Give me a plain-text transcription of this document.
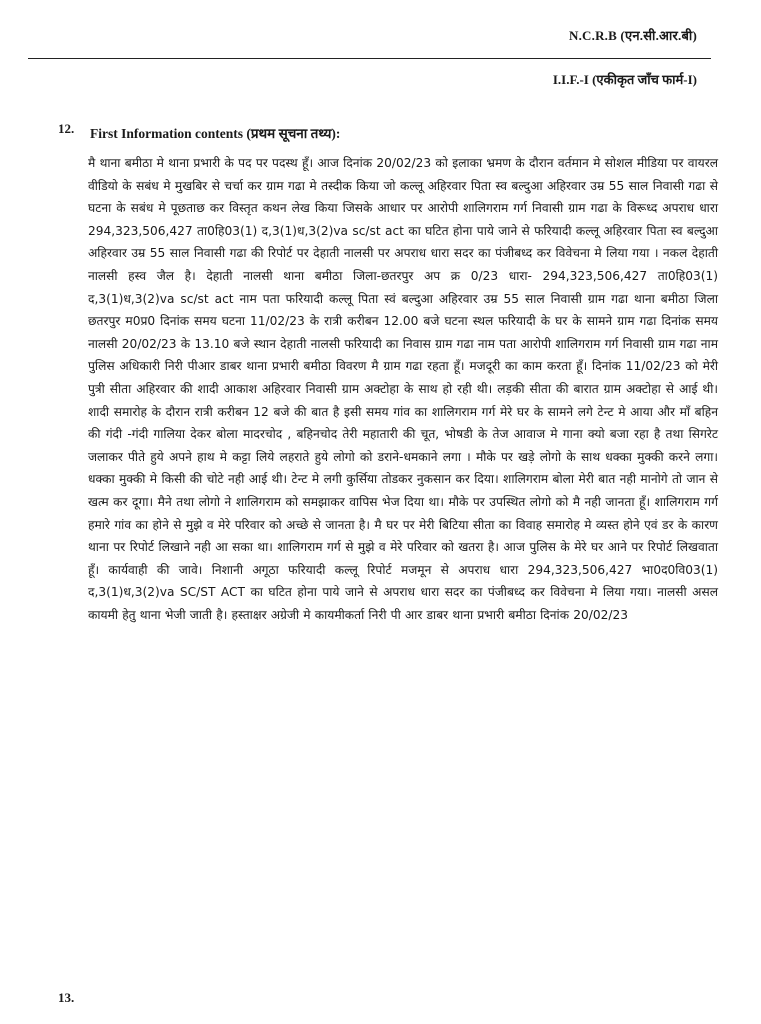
N.C.R.B (एन.सी.आर.बी)
I.I.F.-I (एकीकृत जाँच फार्म-I)
12. First Information contents (प्रथम सूचना तथ्य):
मै थाना बमीठा मे थाना प्रभारी के पद पर पदस्थ हूँ। आज दिनांक 20/02/23 को इलाका भ्रमण के दौरान वर्तमान मे सोशल मीडिया पर वायरल वीडियो के सबंध मे मुखबिर से चर्चा कर ग्राम गढा मे तस्दीक किया जो कल्लू अहिरवार पिता स्व बल्दुआ अहिरवार उम्र 55 साल निवासी गढा से घटना के सबंध मे पूछताछ कर विस्तृत कथन लेख किया जिसके आधार पर आरोपी शालिगराम गर्ग निवासी ग्राम गढा के विरूध्द अपराध धारा 294,323,506,427 ता0हि03(1) द,3(1)ध,3(2)va sc/st act का घटित होना पाये जाने से फरियादी कल्लू अहिरवार पिता स्व बल्दुआ अहिरवार उम्र 55 साल निवासी गढा की रिपोर्ट पर देहाती नालसी पर अपराध धारा सदर का पंजीबध्द कर विवेचना मे लिया गया । नकल देहाती नालसी हस्व जैल है। देहाती नालसी थाना बमीठा जिला-छतरपुर अप क्र 0/23 धारा- 294,323,506,427 ता0हि03(1) द,3(1)ध,3(2)va sc/st act नाम पता फरियादी कल्लू पिता स्वं बल्दुआ अहिरवार उम्र 55 साल निवासी ग्राम गढा थाना बमीठा जिला छतरपुर म0प्र0 दिनांक समय घटना 11/02/23 के रात्री करीबन 12.00 बजे घटना स्थल फरियादी के घर के सामने ग्राम गढा दिनांक समय नालसी 20/02/23 के 13.10 बजे स्थान देहाती नालसी फरियादी का निवास ग्राम गढा नाम पता आरोपी शालिगराम गर्ग निवासी ग्राम गढा नाम पुलिस अधिकारी निरी पीआर डाबर थाना प्रभारी बमीठा विवरण मै ग्राम गढा रहता हूँ। मजदूरी का काम करता हूँ। दिनांक 11/02/23 को मेरी पुत्री सीता अहिरवार की शादी आकाश अहिरवार निवासी ग्राम अक्टोहा के साथ हो रही थी। लड़की सीता की बारात ग्राम अक्टोहा से आई थी। शादी समारोह के दौरान रात्री करीबन 12 बजे की बात है इसी समय गांव का शालिगराम गर्ग मेरे घर के सामने लगे टेन्ट मे आया और माँ बहिन की गंदी -गंदी गालिया देकर बोला मादरचोद , बहिनचोद तेरी महातारी की चूत, भोषडी के तेज आवाज मे गाना क्यो बजा रहा है तथा सिगरेट जलाकर पीते हुये अपने हाथ मे कट्टा लिये लहराते हुये लोगो को डराने-धमकाने लगा । मौके पर खड़े लोगो के साथ धक्का मुक्की करने लगा। धक्का मुक्की मे किसी की चोटे नही आई थी। टेन्ट मे लगी कुर्सिया तोडकर नुकसान कर दिया। शालिगराम बोला मेरी बात नही मानोगे तो जान से खत्म कर दूगा। मैने तथा लोगो ने शालिगराम को समझाकर वापिस भेज दिया था। मौके पर उपस्थित लोगो को मै नही जानता हूँ। शालिगराम गर्ग हमारे गांव का होने से मुझे व मेरे परिवार को अच्छे से जानता है। मै घर पर मेरी बिटिया सीता का विवाह समारोह मे व्यस्त होने एवं डर के कारण थाना पर रिपोर्ट लिखाने नही आ सका था। शालिगराम गर्ग से मुझे व मेरे परिवार को खतरा है। आज पुलिस के मेरे घर आने पर रिपोर्ट लिखवाता हूँ। कार्यवाही की जावे। निशानी अगूठा फरियादी कल्लू रिपोर्ट मजमून से अपराध धारा 294,323,506,427 भा0द0वि03(1) द,3(1)ध,3(2)va SC/ST ACT का घटित होना पाये जाने से अपराध धारा सदर का पंजीबध्द कर विवेचना मे लिया गया। नालसी असल कायमी हेतु थाना भेजी जाती है। हस्ताक्षर अग्रेजी मे कायमीकर्ता निरी पी आर डाबर थाना प्रभारी बमीठा दिनांक 20/02/23
13.
